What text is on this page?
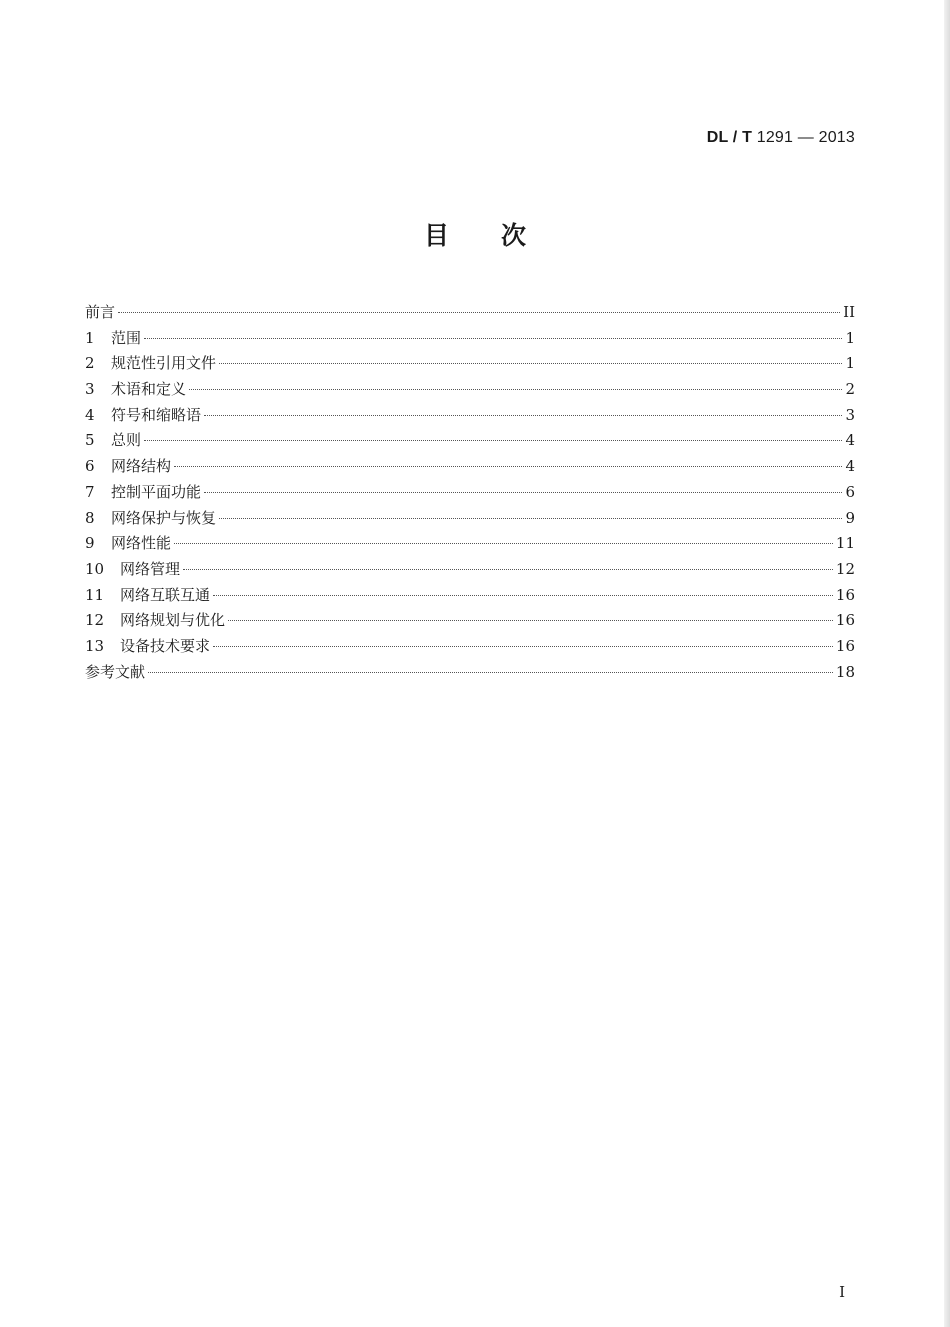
DL / T 1291 — 2013
目 次
前言	II
1	范围	1
2	规范性引用文件	1
3	术语和定义	2
4	符号和缩略语	3
5	总则	4
6	网络结构	4
7	控制平面功能	6
8	网络保护与恢复	9
9	网络性能	11
10	网络管理	12
11	网络互联互通	16
12	网络规划与优化	16
13	设备技术要求	16
参考文献	18
I
